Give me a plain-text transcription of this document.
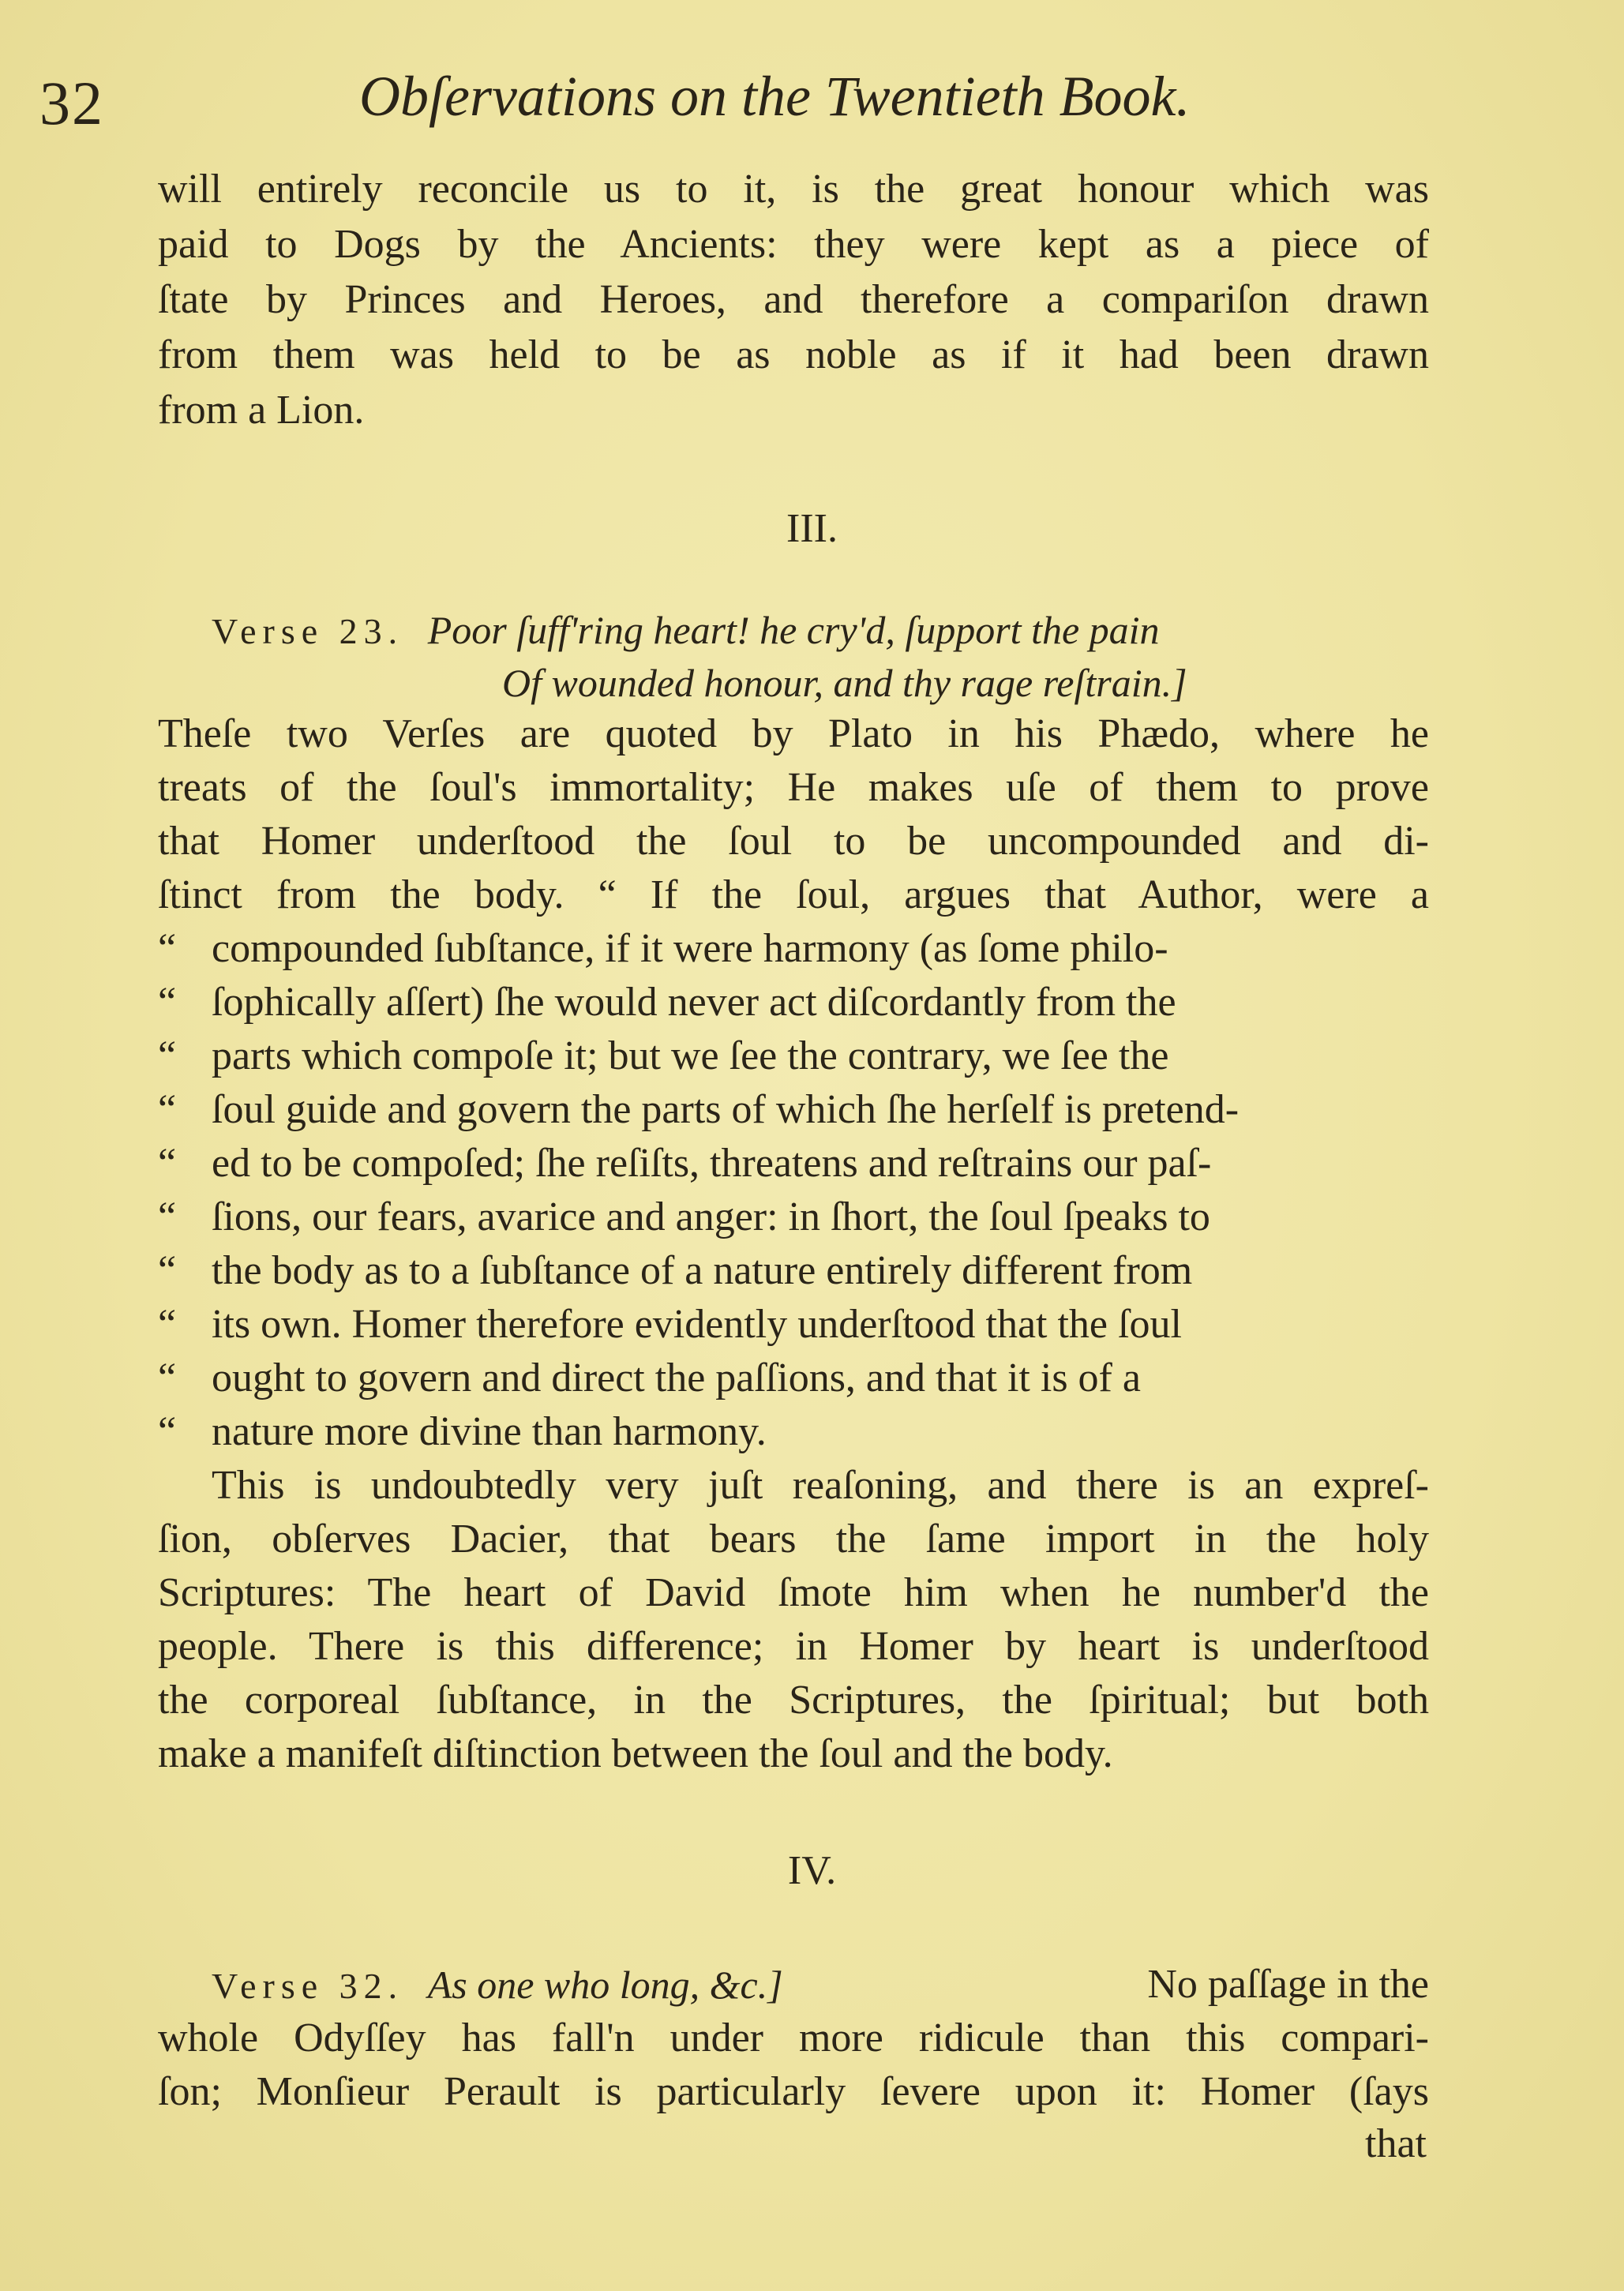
32	Obſervations on the Twentieth Book.
will entirely reconcile us to it, is the great honour which was
paid to Dogs by the Ancients: they were kept as a piece of
ſtate by Princes and Heroes, and therefore a compariſon drawn
from them was held to be as noble as if it had been drawn
from a Lion.
III.
Verse 23. Poor ſuff'ring heart! he cry'd, ſupport the pain
Of wounded honour, and thy rage reſtrain.]
Theſe two Verſes are quoted by Plato in his Phædo, where he
treats of the ſoul's immortality; He makes uſe of them to prove
that Homer underſtood the ſoul to be uncompounded and di-
ſtinct from the body. “ If the ſoul, argues that Author, were a
“ compounded ſubſtance, if it were harmony (as ſome philo-
“ ſophically aſſert) ſhe would never act diſcordantly from the
“ parts which compoſe it; but we ſee the contrary, we ſee the
“ ſoul guide and govern the parts of which ſhe herſelf is pretend-
“ ed to be compoſed; ſhe reſiſts, threatens and reſtrains our paſ-
“ ſions, our fears, avarice and anger: in ſhort, the ſoul ſpeaks to
“ the body as to a ſubſtance of a nature entirely different from
“ its own. Homer therefore evidently underſtood that the ſoul
“ ought to govern and direct the paſſions, and that it is of a
“ nature more divine than harmony.
This is undoubtedly very juſt reaſoning, and there is an expreſ-
ſion, obſerves Dacier, that bears the ſame import in the holy
Scriptures: The heart of David ſmote him when he number'd the
people. There is this difference; in Homer by heart is underſtood
the corporeal ſubſtance, in the Scriptures, the ſpiritual; but both
make a manifeſt diſtinction between the ſoul and the body.
IV.
Verse 32. As one who long, &c.]	No paſſage in the
whole Odyſſey has fall'n under more ridicule than this compari-
ſon; Monſieur Perault is particularly ſevere upon it: Homer (ſays
that
